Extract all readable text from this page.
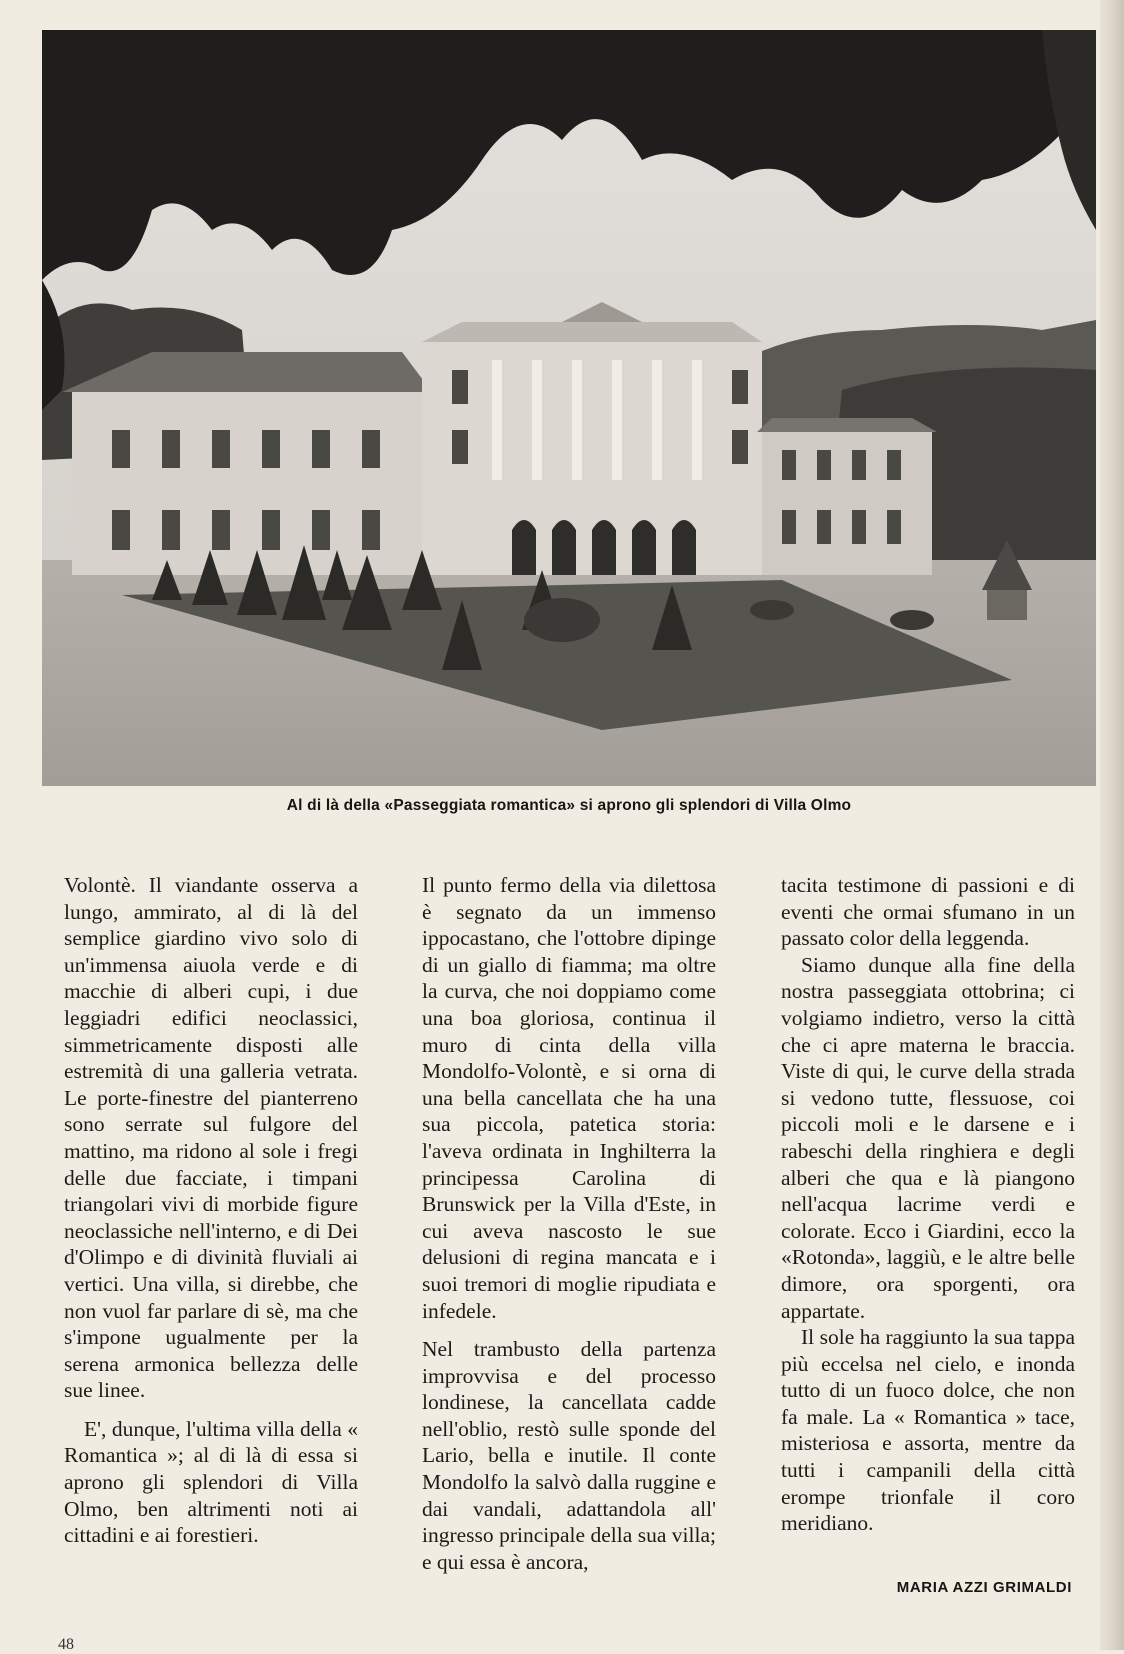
Al di là della «Passeggiata romantica» si aprono gli splendori di Villa Olmo

Volontè. Il viandante osserva a lungo, ammirato, al di là del semplice giardino vivo solo di un'immensa aiuola verde e di macchie di alberi cupi, i due leggiadri edifici neoclassici, simmetricamente disposti alle estremità di una galleria vetrata. Le porte-finestre del pianterreno sono serrate sul fulgore del mattino, ma ridono al sole i fregi delle due facciate, i timpani triangolari vivi di morbide figure neoclassiche nell'interno, e di Dei d'Olimpo e di divinità fluviali ai vertici. Una villa, si direbbe, che non vuol far parlare di sè, ma che s'impone ugualmente per la serena armonica bellezza delle sue linee.

E', dunque, l'ultima villa della « Romantica »; al di là di essa si aprono gli splendori di Villa Olmo, ben altrimenti noti ai cittadini e ai forestieri.

Il punto fermo della via dilettosa è segnato da un immenso ippocastano, che l'ottobre dipinge di un giallo di fiamma; ma oltre la curva, che noi doppiamo come una boa gloriosa, continua il muro di cinta della villa Mondolfo-Volontè, e si orna di una bella cancellata che ha una sua piccola, patetica storia: l'aveva ordinata in Inghilterra la principessa Carolina di Brunswick per la Villa d'Este, in cui aveva nascosto le sue delusioni di regina mancata e i suoi tremori di moglie ripudiata e infedele.

Nel trambusto della partenza improvvisa e del processo londinese, la cancellata cadde nell'oblio, restò sulle sponde del Lario, bella e inutile. Il conte Mondolfo la salvò dalla ruggine e dai vandali, adattandola all' ingresso principale della sua villa; e qui essa è ancora,

tacita testimone di passioni e di eventi che ormai sfumano in un passato color della leggenda.

Siamo dunque alla fine della nostra passeggiata ottobrina; ci volgiamo indietro, verso la città che ci apre materna le braccia. Viste di qui, le curve della strada si vedono tutte, flessuose, coi piccoli moli e le darsene e i rabeschi della ringhiera e degli alberi che qua e là piangono nell'acqua lacrime verdi e colorate. Ecco i Giardini, ecco la «Rotonda», laggiù, e le altre belle dimore, ora sporgenti, ora appartate.

Il sole ha raggiunto la sua tappa più eccelsa nel cielo, e inonda tutto di un fuoco dolce, che non fa male. La « Romantica » tace, misteriosa e assorta, mentre da tutti i campanili della città erompe trionfale il coro meridiano.

MARIA AZZI GRIMALDI
48
